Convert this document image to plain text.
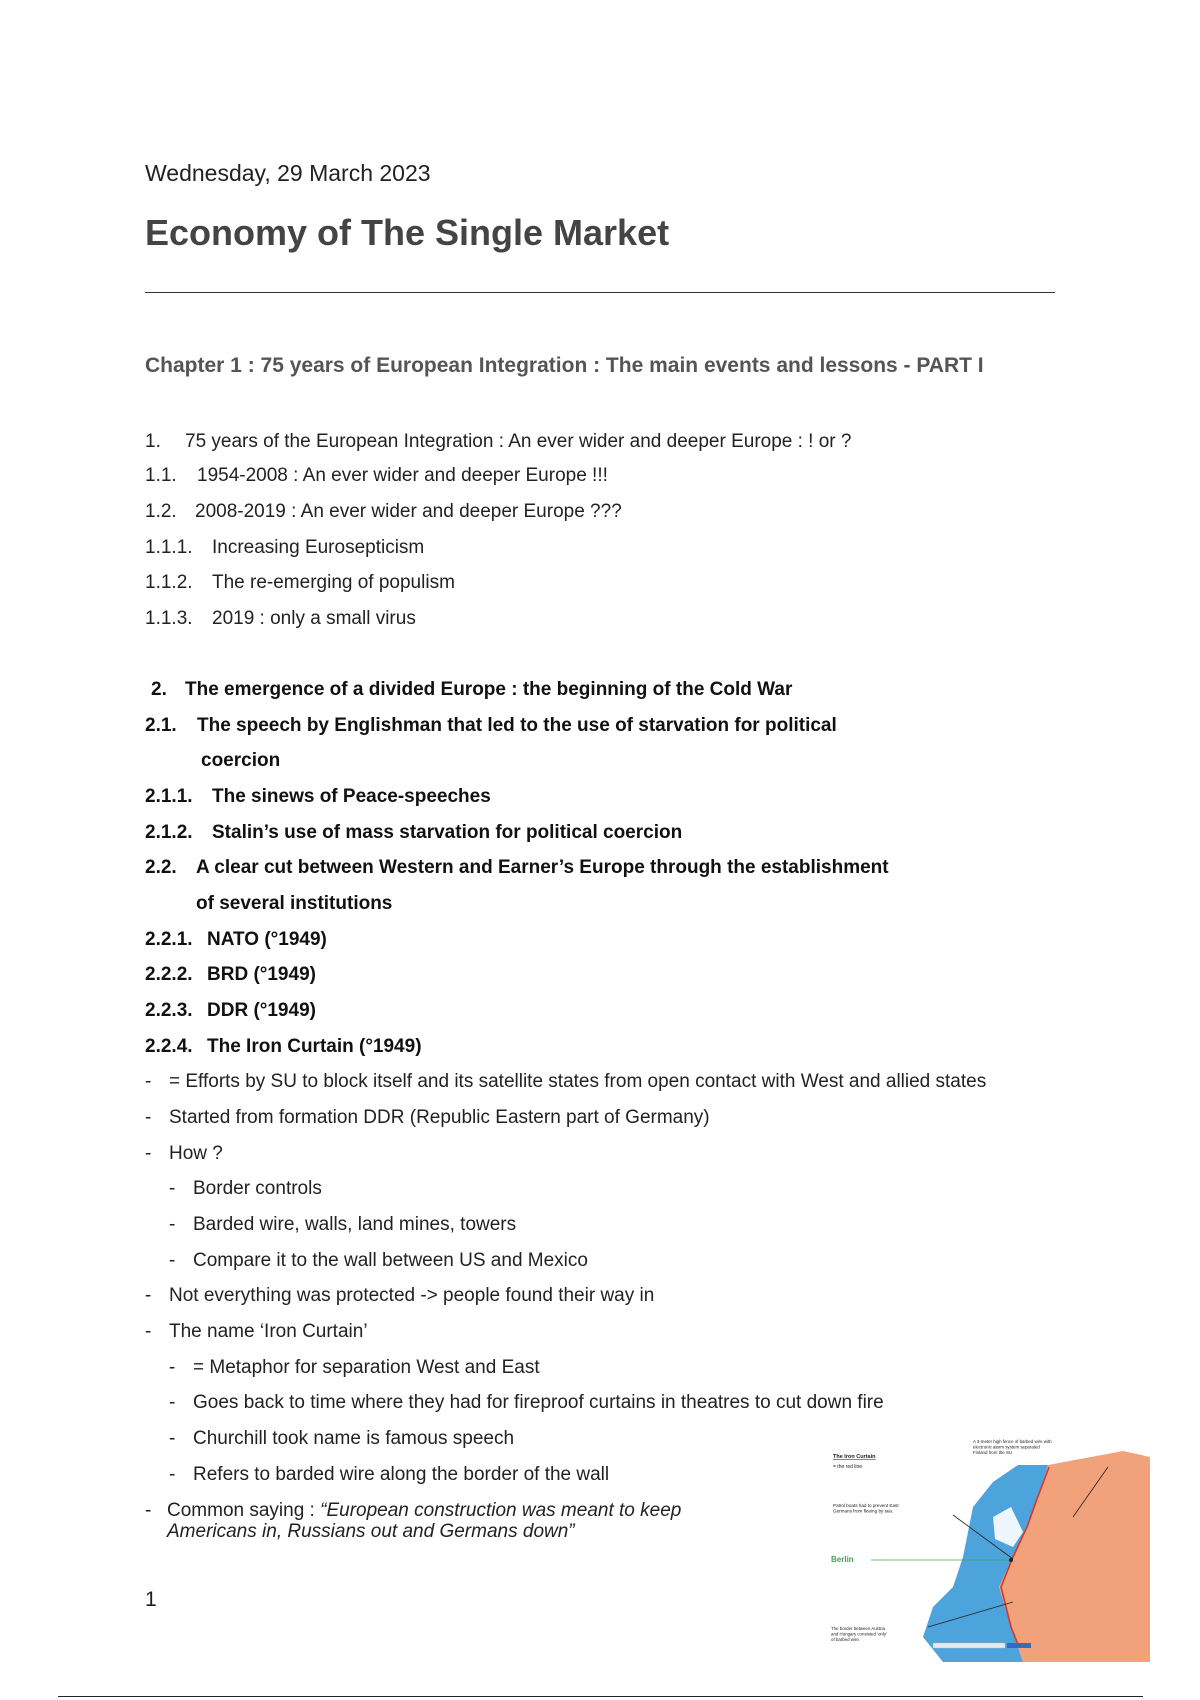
Wednesday, 29 March 2023
Economy of The Single Market
Chapter 1 : 75 years of European Integration : The main events and lessons - PART I
1. 75 years of the European Integration : An ever wider and deeper Europe : ! or ?
1.1. 1954-2008 : An ever wider and deeper Europe !!!
1.2. 2008-2019 : An ever wider and deeper Europe ???
1.1.1. Increasing Eurosepticism
1.1.2. The re-emerging of populism
1.1.3. 2019 : only a small virus
2. The emergence of a divided Europe : the beginning of the Cold War
2.1. The speech by Englishman that led to the use of starvation for political
coercion
2.1.1. The sinews of Peace-speeches
2.1.2. Stalin’s use of mass starvation for political coercion
2.2. A clear cut between Western and Earner’s Europe through the establishment
of several institutions
2.2.1. NATO (°1949)
2.2.2. BRD (°1949)
2.2.3. DDR (°1949)
2.2.4. The Iron Curtain (°1949)
- = Efforts by SU to block itself and its satellite states from open contact with West and allied states
- Started from formation DDR (Republic Eastern part of Germany)
- How ?
- Border controls
- Barded wire, walls, land mines, towers
- Compare it to the wall between US and Mexico
- Not everything was protected -> people found their way in
- The name ‘Iron Curtain’
- = Metaphor for separation West and East
- Goes back to time where they had for fireproof curtains in theatres to cut down fire
- Churchill took name is famous speech
- Refers to barded wire along the border of the wall
- Common saying : “European construction was meant to keep
Americans in, Russians out and Germans down”
1
The Iron Curtain
= the red line
Patrol boats had to prevent East Germans from fleeing by sea.
Berlin
A 3-meter high fence of barbed wire with electronic alarm system separated Finland from the SU
The border between Austria and Hungary consisted 'only' of barbed wire.
